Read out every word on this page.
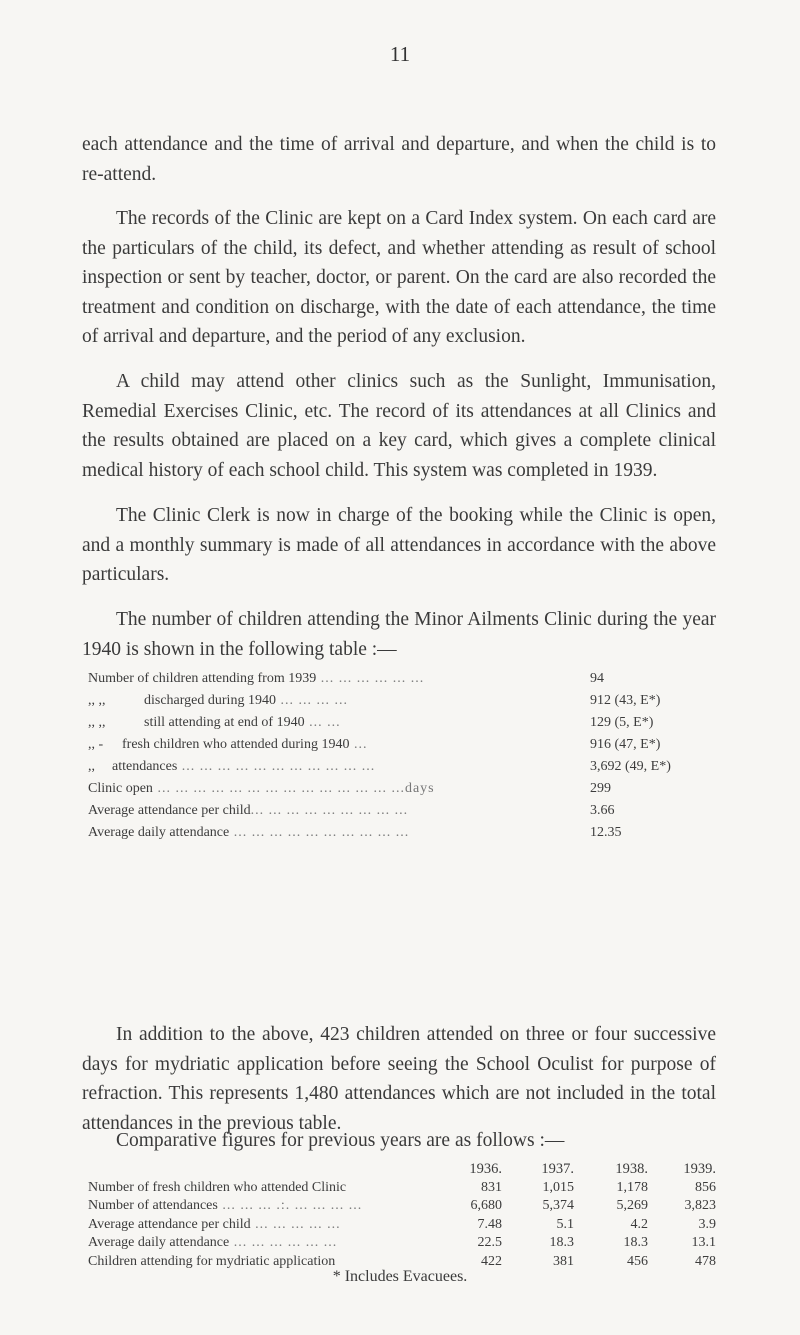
11

each attendance and the time of arrival and departure, and when the child is to re-attend.

The records of the Clinic are kept on a Card Index system. On each card are the particulars of the child, its defect, and whether attending as result of school inspection or sent by teacher, doctor, or parent. On the card are also recorded the treatment and condition on discharge, with the date of each attendance, the time of arrival and departure, and the period of any exclusion.

A child may attend other clinics such as the Sunlight, Immunisation, Remedial Exercises Clinic, etc. The record of its attendances at all Clinics and the results obtained are placed on a key card, which gives a complete clinical medical history of each school child. This system was completed in 1939.

The Clinic Clerk is now in charge of the booking while the Clinic is open, and a monthly summary is made of all attendances in accordance with the above particulars.

The number of children attending the Minor Ailments Clinic during the year 1940 is shown in the following table :—

Number of children attending from 1939 ... ... ... ... ... ...	94
,, ,,	discharged during 1940 ... ... ... ...	912 (43, E*)
,, ,,	still attending at end of 1940 ... ...	129 (5, E*)
,, - fresh children who attended during 1940 ...	916 (47, E*)
,, attendances ... ... ... ... ... ... ... ... ... ... ...	3,692 (49, E*)
Clinic open ... ... ... ... ... ... ... ... ... ... ... ... ... ...days	299
Average attendance per child... ... ... ... ... ... ... ... ...	3.66
Average daily attendance ... ... ... ... ... ... ... ... ... ...	12.35

In addition to the above, 423 children attended on three or four successive days for mydriatic application before seeing the School Oculist for purpose of refraction. This represents 1,480 attendances which are not included in the total attendances in the previous table.

Comparative figures for previous years are as follows :—

1936.	1937.	1938.	1939.
Number of fresh children who attended Clinic	831	1,015	1,178	856
Number of attendances ... ... ... .:. ... ... ... ...	6,680	5,374	5,269	3,823
Average attendance per child ... ... ... ... ...	7.48	5.1	4.2	3.9
Average daily attendance ... ... ... ... ... ...	22.5	18.3	18.3	13.1
Children attending for mydriatic application	422	381	456	478
* Includes Evacuees.
